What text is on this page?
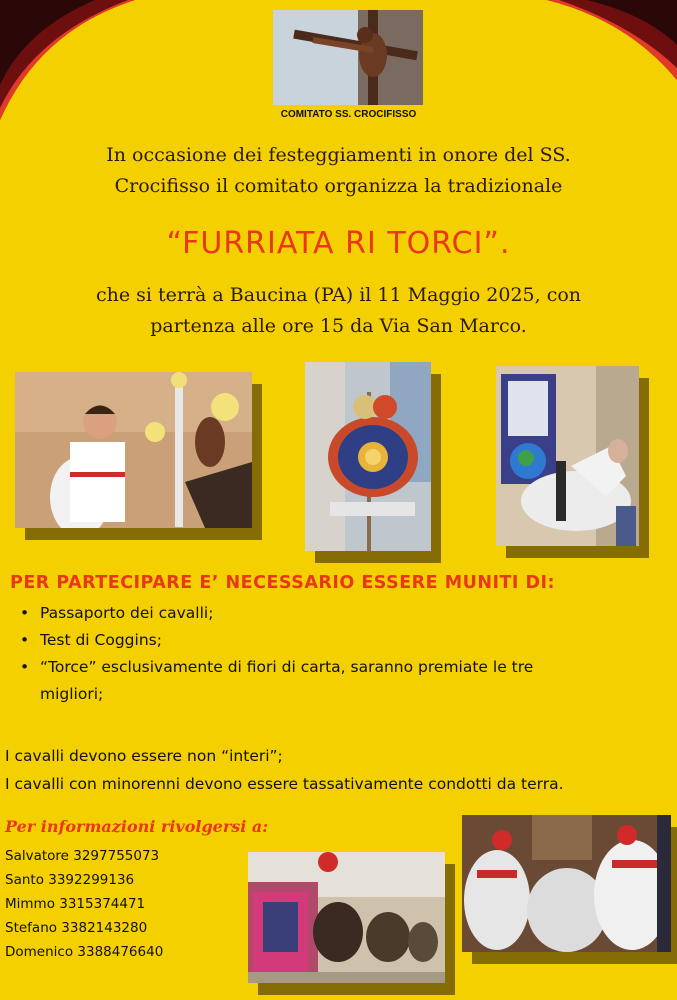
COMITATO SS. CROCIFISSO
In occasione dei festeggiamenti in onore del SS.
Crocifisso il comitato organizza la tradizionale
“FURRIATA RI TORCI”.
che si terrà a Baucina (PA) il 11 Maggio 2025, con
partenza alle ore 15 da Via San Marco.
PER PARTECIPARE E’ NECESSARIO ESSERE MUNITI DI:
• Passaporto dei cavalli;
• Test di Coggins;
• “Torce” esclusivamente di fiori di carta, saranno premiate le tre
migliori;
I cavalli devono essere non “interi”;
I cavalli con minorenni devono essere tassativamente condotti da terra.
Per informazioni rivolgersi a:
Salvatore 3297755073
Santo 3392299136
Mimmo 3315374471
Stefano 3382143280
Domenico 3388476640
